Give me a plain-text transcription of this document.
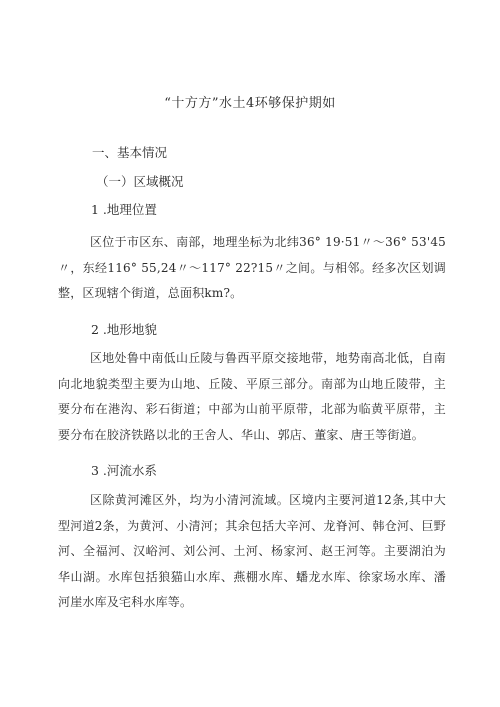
“十方方”水土4环够保护期如
一、基本情况
（一）区域概况
1 .地理位置
区位于市区东、南部，地理坐标为北纬36° 19·51〃～36° 53'45〃，东经116° 55,24〃～117° 22?15〃之间。与相邻。经多次区划调整，区现辖个街道，总面积km?。
2 .地形地貌
区地处鲁中南低山丘陵与鲁西平原交接地带，地势南高北低，自南向北地貌类型主要为山地、丘陵、平原三部分。南部为山地丘陵带，主要分布在港沟、彩石街道；中部为山前平原带，北部为临黄平原带，主要分布在胶济铁路以北的王舍人、华山、郭店、董家、唐王等街道。
3 .河流水系
区除黄河滩区外，均为小清河流域。区境内主要河道12条,其中大型河道2条，为黄河、小清河；其余包括大辛河、龙脊河、韩仓河、巨野河、全福河、汉峪河、刘公河、土河、杨家河、赵王河等。主要湖泊为华山湖。水库包括狼猫山水库、燕棚水库、蟠龙水库、徐家场水库、潘河崖水库及宅科水库等。
